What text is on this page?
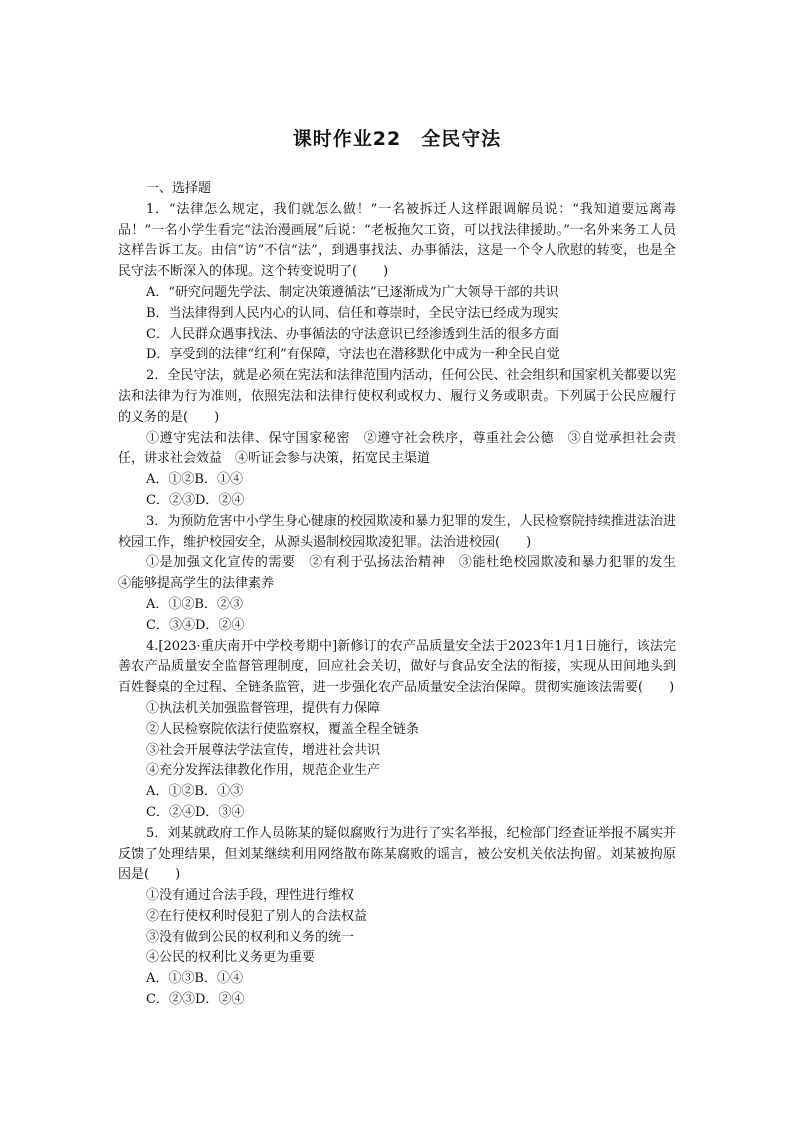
课时作业22　全民守法

一、选择题

1．“法律怎么规定，我们就怎么做！”一名被拆迁人这样跟调解员说：“我知道要远离毒品！”一名小学生看完“法治漫画展”后说：“老板拖欠工资，可以找法律援助。”一名外来务工人员这样告诉工友。由信“访”不信“法”，到遇事找法、办事循法，这是一个令人欣慰的转变，也是全民守法不断深入的体现。这个转变说明了(　　)

A．“研究问题先学法、制定决策遵循法”已逐渐成为广大领导干部的共识

B．当法律得到人民内心的认同、信任和尊崇时，全民守法已经成为现实

C．人民群众遇事找法、办事循法的守法意识已经渗透到生活的很多方面

D．享受到的法律“红利”有保障，守法也在潜移默化中成为一种全民自觉

2．全民守法，就是必须在宪法和法律范围内活动，任何公民、社会组织和国家机关都要以宪法和法律为行为准则，依照宪法和法律行使权利或权力、履行义务或职责。下列属于公民应履行的义务的是(　　)

①遵守宪法和法律、保守国家秘密　②遵守社会秩序，尊重社会公德　③自觉承担社会责任，讲求社会效益　④听证会参与决策，拓宽民主渠道

A．①②B．①④

C．②③D．②④

3．为预防危害中小学生身心健康的校园欺凌和暴力犯罪的发生，人民检察院持续推进法治进校园工作，维护校园安全，从源头遏制校园欺凌犯罪。法治进校园(　　)

①是加强文化宣传的需要　②有利于弘扬法治精神　③能杜绝校园欺凌和暴力犯罪的发生　④能够提高学生的法律素养

A．①②B．②③

C．③④D．②④

4.[2023·重庆南开中学校考期中]新修订的农产品质量安全法于2023年1月1日施行，该法完善农产品质量安全监督管理制度，回应社会关切，做好与食品安全法的衔接，实现从田间地头到百姓餐桌的全过程、全链条监管，进一步强化农产品质量安全法治保障。贯彻实施该法需要(　　)

①执法机关加强监督管理，提供有力保障

②人民检察院依法行使监察权，覆盖全程全链条

③社会开展尊法学法宣传，增进社会共识

④充分发挥法律教化作用，规范企业生产

A．①②B．①③

C．②④D．③④

5．刘某就政府工作人员陈某的疑似腐败行为进行了实名举报，纪检部门经查证举报不属实并反馈了处理结果，但刘某继续利用网络散布陈某腐败的谣言，被公安机关依法拘留。刘某被拘原因是(　　)

①没有通过合法手段，理性进行维权

②在行使权利时侵犯了别人的合法权益

③没有做到公民的权利和义务的统一

④公民的权利比义务更为重要

A．①③B．①④

C．②③D．②④
